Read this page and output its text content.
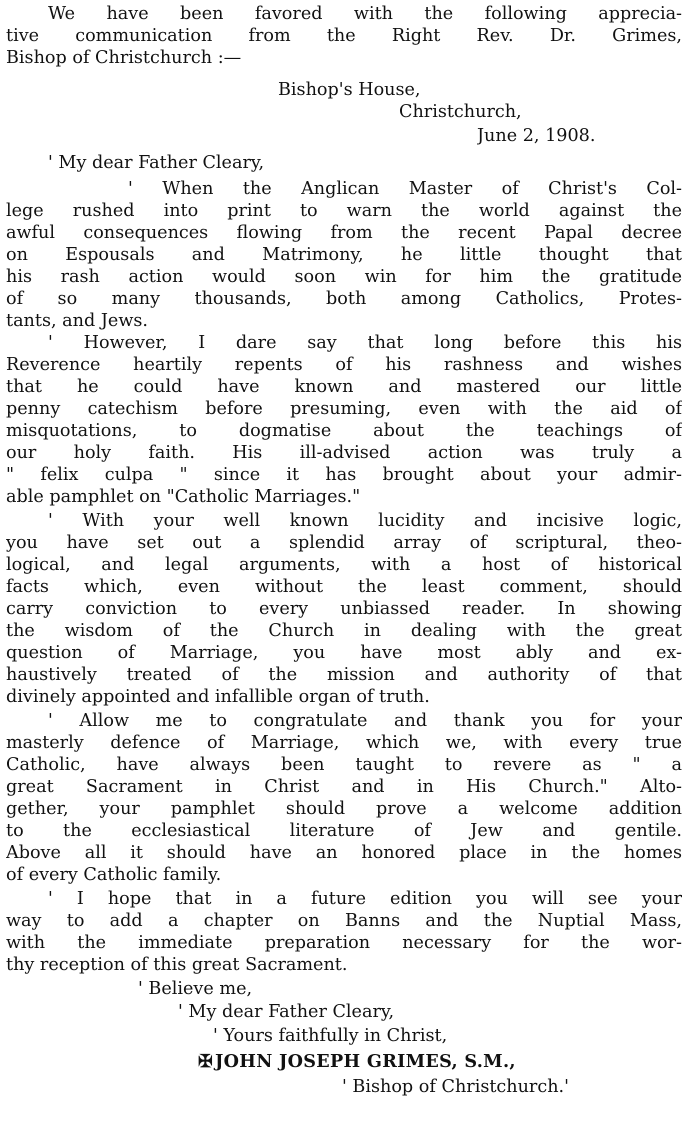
We have been favored with the following apprecia-
tive communication from the Right Rev. Dr. Grimes,
Bishop of Christchurch :—
Bishop's House,
Christchurch,
June 2, 1908.
' My dear Father Cleary,
' When the Anglican Master of Christ's Col-
lege rushed into print to warn the world against the
awful consequences flowing from the recent Papal decree
on Espousals and Matrimony, he little thought that
his rash action would soon win for him the gratitude
of so many thousands, both among Catholics, Protes-
tants, and Jews.
' However, I dare say that long before this his
Reverence heartily repents of his rashness and wishes
that he could have known and mastered our little
penny catechism before presuming, even with the aid of
misquotations, to dogmatise about the teachings of
our holy faith. His ill-advised action was truly a
" felix culpa " since it has brought about your admir-
able pamphlet on "Catholic Marriages."
' With your well known lucidity and incisive logic,
you have set out a splendid array of scriptural, theo-
logical, and legal arguments, with a host of historical
facts which, even without the least comment, should
carry conviction to every unbiassed reader. In showing
the wisdom of the Church in dealing with the great
question of Marriage, you have most ably and ex-
haustively treated of the mission and authority of that
divinely appointed and infallible organ of truth.
' Allow me to congratulate and thank you for your
masterly defence of Marriage, which we, with every true
Catholic, have always been taught to revere as " a
great Sacrament in Christ and in His Church." Alto-
gether, your pamphlet should prove a welcome addition
to the ecclesiastical literature of Jew and gentile.
Above all it should have an honored place in the homes
of every Catholic family.
' I hope that in a future edition you will see your
way to add a chapter on Banns and the Nuptial Mass,
with the immediate preparation necessary for the wor-
thy reception of this great Sacrament.
' Believe me,
' My dear Father Cleary,
' Yours faithfully in Christ,
✠ JOHN JOSEPH GRIMES, S.M.,
' Bishop of Christchurch.'
